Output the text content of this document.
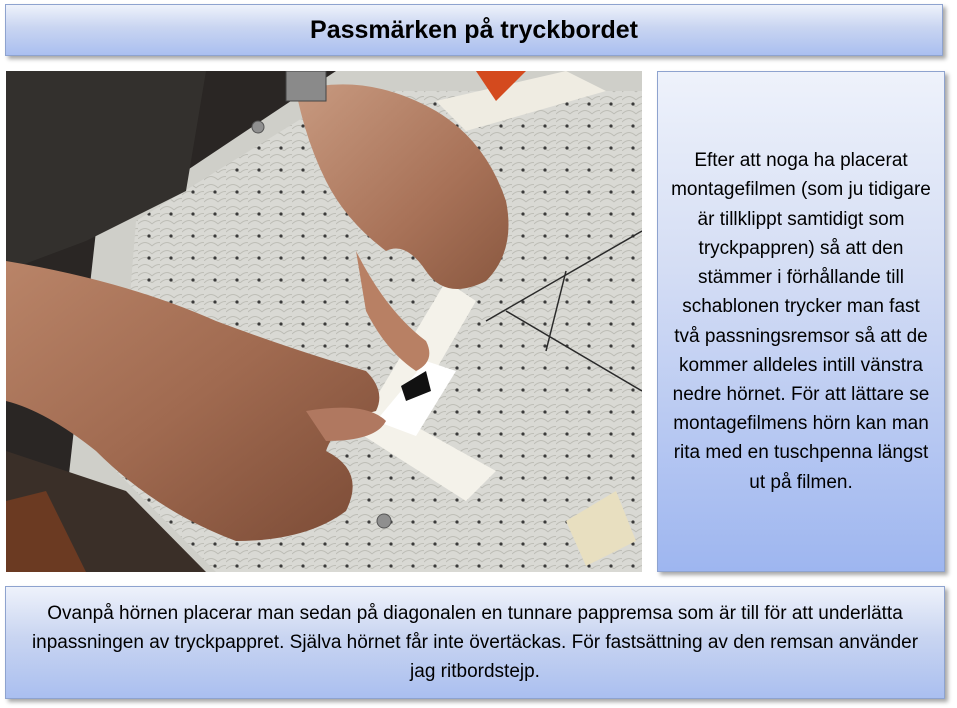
Passmärken på tryckbordet
Efter att noga ha placerat montagefilmen (som ju tidigare är tillklippt samtidigt som tryckpappren) så att den stämmer i förhållande till schablonen trycker man fast två passningsremsor så att de kommer alldeles intill vänstra nedre hörnet. För att lättare se montagefilmens hörn kan man rita med en tuschpenna längst ut på filmen.
Ovanpå hörnen placerar man sedan på diagonalen en tunnare pappremsa som är till för att underlätta inpassningen av tryckpappret. Själva hörnet får inte övertäckas. För fastsättning av den remsan använder jag ritbordstejp.
